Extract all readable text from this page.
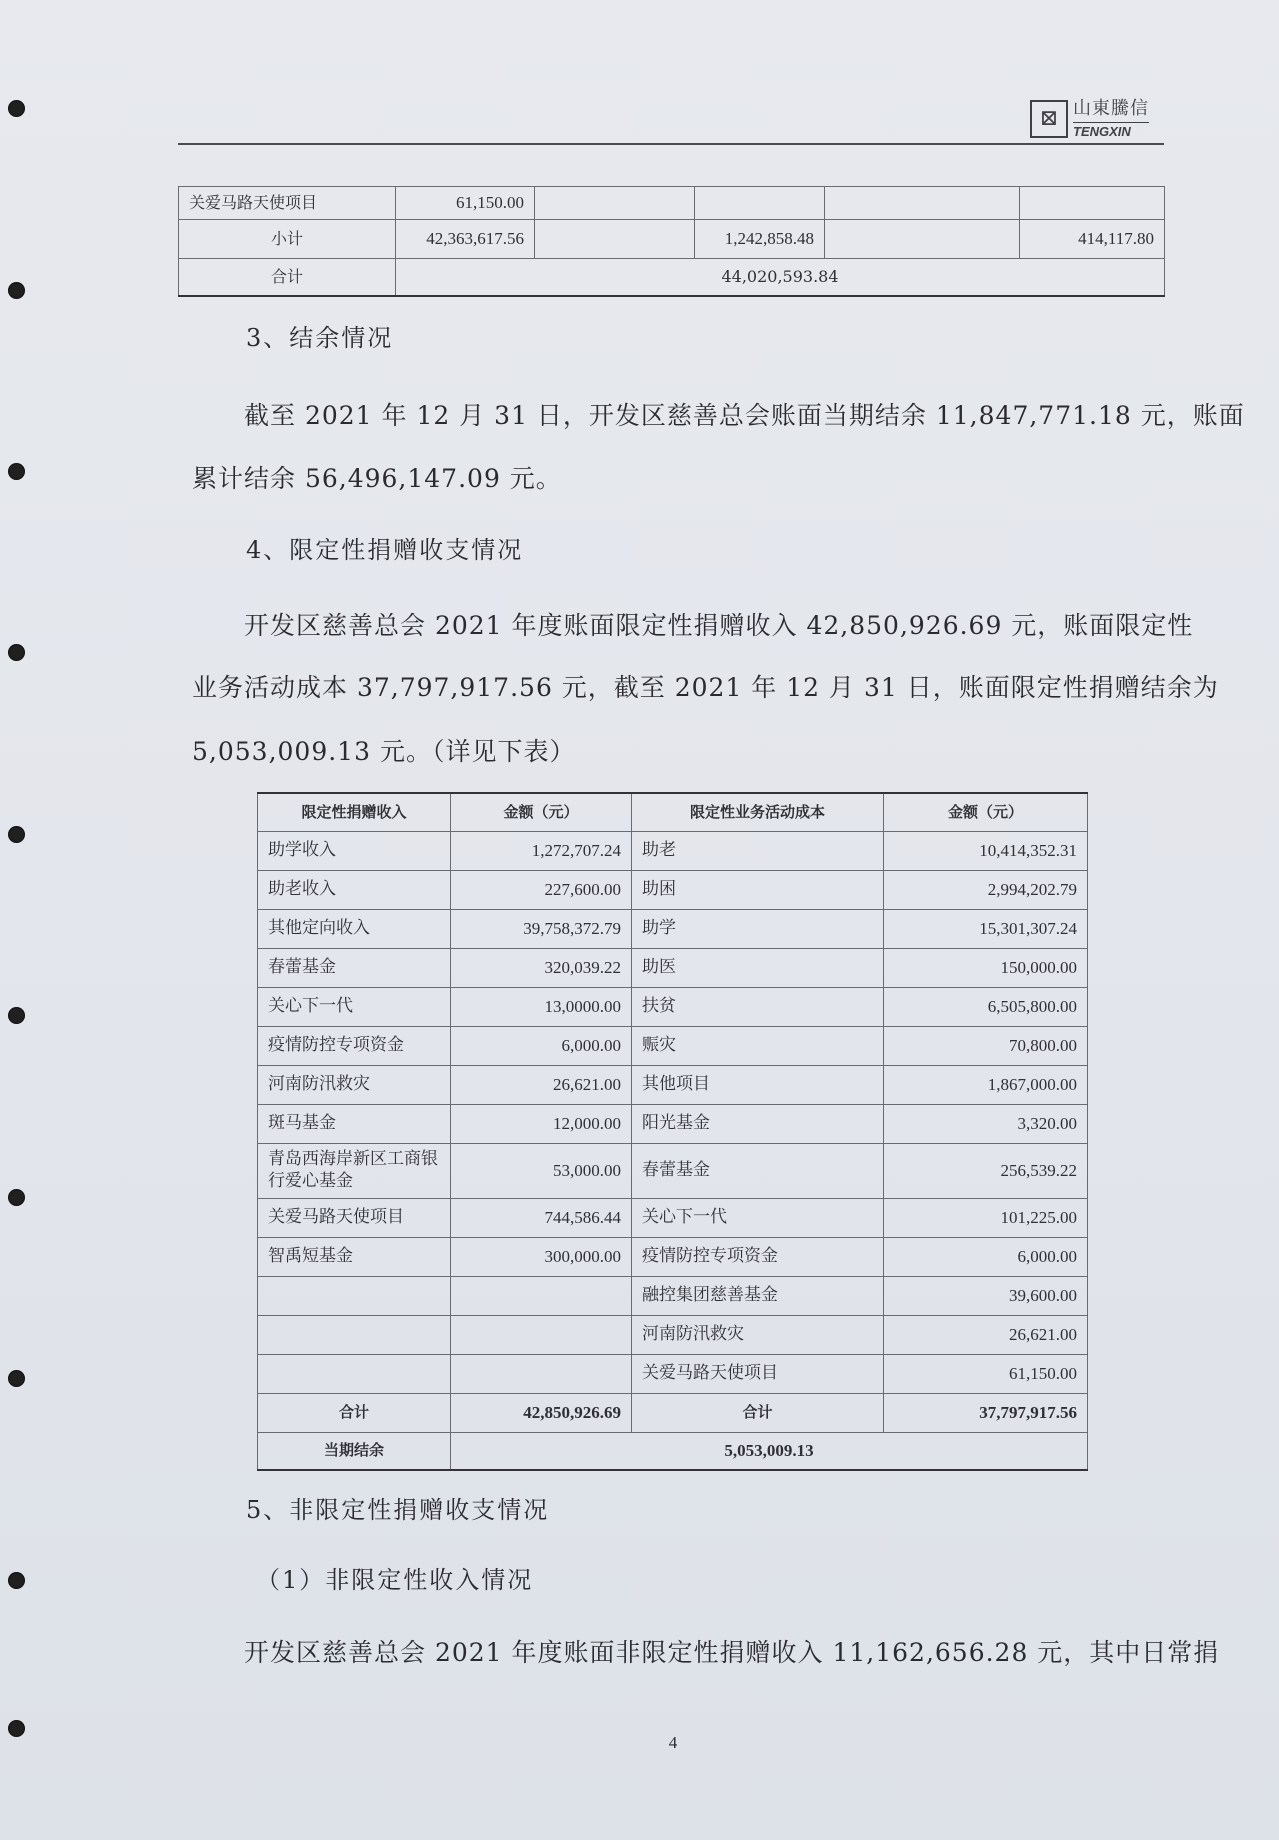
⊠ 山東騰信
TENGXIN
关爱马路天使项目	61,150.00				
小计	42,363,617.56		1,242,858.48		414,117.80
合计	44,020,593.84				
3、结余情况
截至 2021 年 12 月 31 日，开发区慈善总会账面当期结余 11,847,771.18 元，账面
累计结余 56,496,147.09 元。
4、限定性捐赠收支情况
开发区慈善总会 2021 年度账面限定性捐赠收入 42,850,926.69 元，账面限定性
业务活动成本 37,797,917.56 元，截至 2021 年 12 月 31 日，账面限定性捐赠结余为
5,053,009.13 元。（详见下表）
限定性捐赠收入	金额（元）	限定性业务活动成本	金额（元）
助学收入	1,272,707.24	助老	10,414,352.31
助老收入	227,600.00	助困	2,994,202.79
其他定向收入	39,758,372.79	助学	15,301,307.24
春蕾基金	320,039.22	助医	150,000.00
关心下一代	13,0000.00	扶贫	6,505,800.00
疫情防控专项资金	6,000.00	赈灾	70,800.00
河南防汛救灾	26,621.00	其他项目	1,867,000.00
斑马基金	12,000.00	阳光基金	3,320.00
青岛西海岸新区工商银行爱心基金	53,000.00	春蕾基金	256,539.22
关爱马路天使项目	744,586.44	关心下一代	101,225.00
智禹短基金	300,000.00	疫情防控专项资金	6,000.00
		融控集团慈善基金	39,600.00
		河南防汛救灾	26,621.00
		关爱马路天使项目	61,150.00
合计	42,850,926.69	合计	37,797,917.56
当期结余	5,053,009.13		
5、非限定性捐赠收支情况
（1）非限定性收入情况
开发区慈善总会 2021 年度账面非限定性捐赠收入 11,162,656.28 元，其中日常捐
4
